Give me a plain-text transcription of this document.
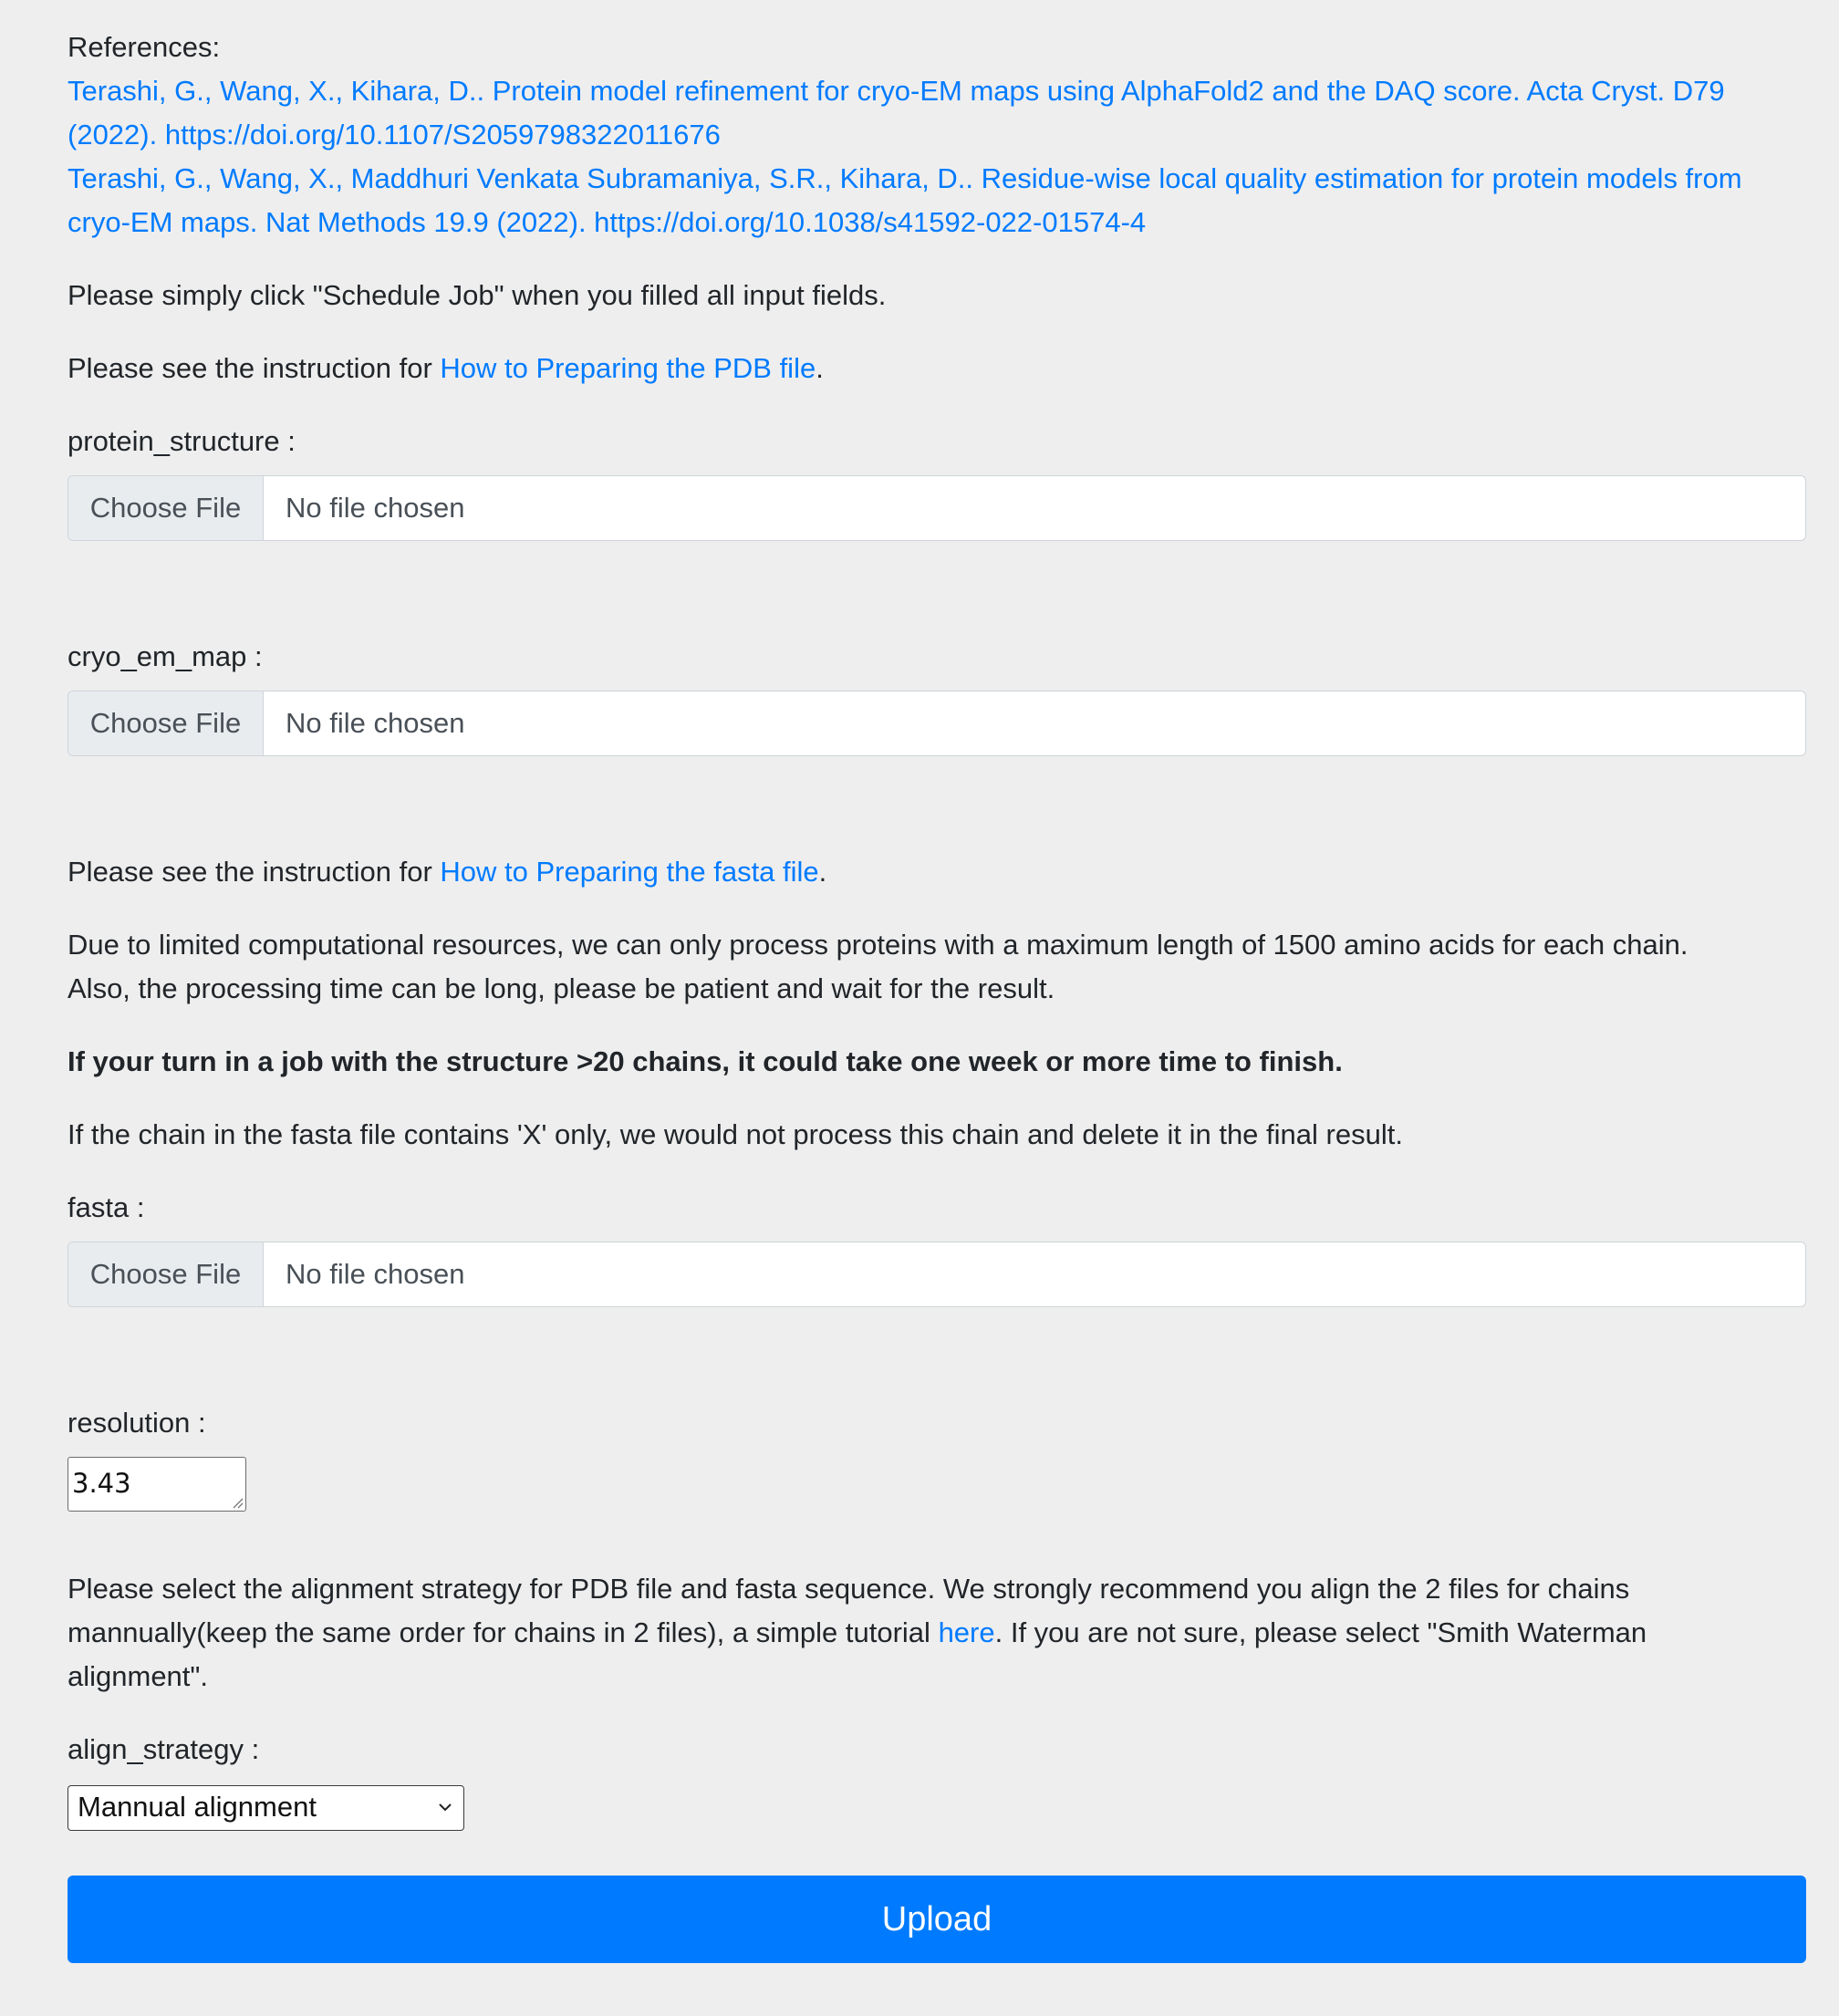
References:
Terashi, G., Wang, X., Kihara, D.. Protein model refinement for cryo-EM maps using AlphaFold2 and the DAQ score. Acta Cryst. D79
(2022). https://doi.org/10.1107/S2059798322011676
Terashi, G., Wang, X., Maddhuri Venkata Subramaniya, S.R., Kihara, D.. Residue-wise local quality estimation for protein models from
cryo-EM maps. Nat Methods 19.9 (2022). https://doi.org/10.1038/s41592-022-01574-4
Please simply click "Schedule Job" when you filled all input fields.
Please see the instruction for How to Preparing the PDB file.
protein_structure :
Choose File	No file chosen
cryo_em_map :
Choose File	No file chosen
Please see the instruction for How to Preparing the fasta file.
Due to limited computational resources, we can only process proteins with a maximum length of 1500 amino acids for each chain.
Also, the processing time can be long, please be patient and wait for the result.
If your turn in a job with the structure >20 chains, it could take one week or more time to finish.
If the chain in the fasta file contains 'X' only, we would not process this chain and delete it in the final result.
fasta :
Choose File	No file chosen
resolution :
3.43
Please select the alignment strategy for PDB file and fasta sequence. We strongly recommend you align the 2 files for chains
mannually(keep the same order for chains in 2 files), a simple tutorial here. If you are not sure, please select "Smith Waterman
alignment".
align_strategy :
Mannual alignment
Upload
